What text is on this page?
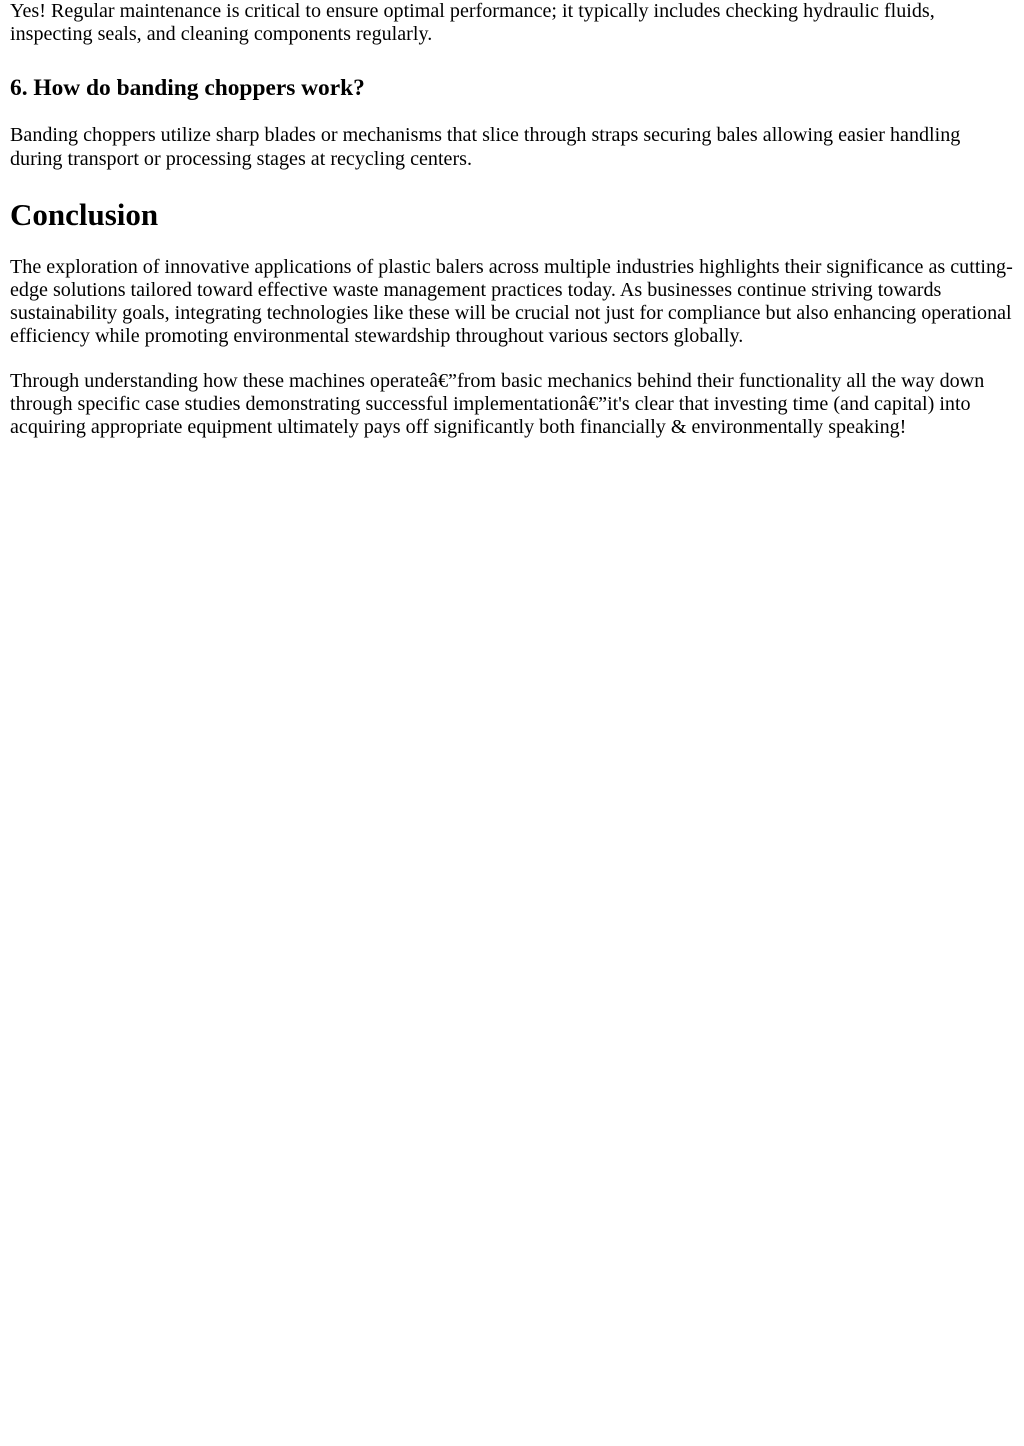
Yes! Regular maintenance is critical to ensure optimal performance; it typically includes checking hydraulic fluids, inspecting seals, and cleaning components regularly.

6. How do banding choppers work?

Banding choppers utilize sharp blades or mechanisms that slice through straps securing bales allowing easier handling during transport or processing stages at recycling centers.

Conclusion

The exploration of innovative applications of plastic balers across multiple industries highlights their significance as cutting-edge solutions tailored toward effective waste management practices today. As businesses continue striving towards sustainability goals, integrating technologies like these will be crucial not just for compliance but also enhancing operational efficiency while promoting environmental stewardship throughout various sectors globally.

Through understanding how these machines operateâ€”from basic mechanics behind their functionality all the way down through specific case studies demonstrating successful implementationâ€”it's clear that investing time (and capital) into acquiring appropriate equipment ultimately pays off significantly both financially & environmentally speaking!
